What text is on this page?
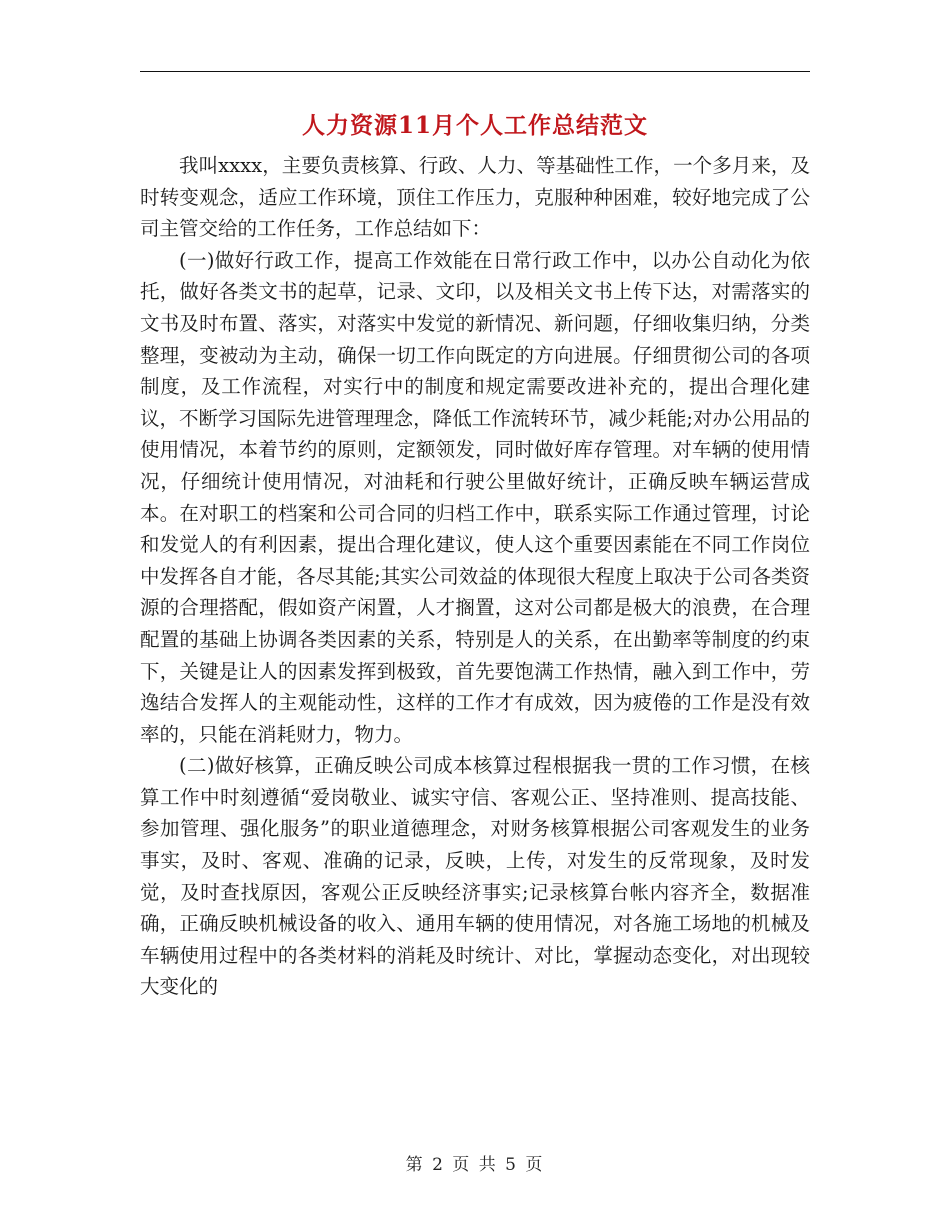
人力资源11月个人工作总结范文

我叫xxxx，主要负责核算、行政、人力、等基础性工作，一个多月来，及时转变观念，适应工作环境，顶住工作压力，克服种种困难，较好地完成了公司主管交给的工作任务，工作总结如下：

(一)做好行政工作，提高工作效能在日常行政工作中，以办公自动化为依托，做好各类文书的起草，记录、文印，以及相关文书上传下达，对需落实的文书及时布置、落实，对落实中发觉的新情况、新问题，仔细收集归纳，分类整理，变被动为主动，确保一切工作向既定的方向进展。仔细贯彻公司的各项制度，及工作流程，对实行中的制度和规定需要改进补充的，提出合理化建议，不断学习国际先进管理理念，降低工作流转环节，减少耗能;对办公用品的使用情况，本着节约的原则，定额领发，同时做好库存管理。对车辆的使用情况，仔细统计使用情况，对油耗和行驶公里做好统计，正确反映车辆运营成本。在对职工的档案和公司合同的归档工作中，联系实际工作通过管理，讨论和发觉人的有利因素，提出合理化建议，使人这个重要因素能在不同工作岗位中发挥各自才能，各尽其能;其实公司效益的体现很大程度上取决于公司各类资源的合理搭配，假如资产闲置，人才搁置，这对公司都是极大的浪费，在合理配置的基础上协调各类因素的关系，特别是人的关系，在出勤率等制度的约束下，关键是让人的因素发挥到极致，首先要饱满工作热情，融入到工作中，劳逸结合发挥人的主观能动性，这样的工作才有成效，因为疲倦的工作是没有效率的，只能在消耗财力，物力。

(二)做好核算，正确反映公司成本核算过程根据我一贯的工作习惯，在核算工作中时刻遵循“爱岗敬业、诚实守信、客观公正、坚持准则、提高技能、参加管理、强化服务”的职业道德理念，对财务核算根据公司客观发生的业务事实，及时、客观、准确的记录，反映，上传，对发生的反常现象，及时发觉，及时查找原因，客观公正反映经济事实;记录核算台帐内容齐全，数据准确，正确反映机械设备的收入、通用车辆的使用情况，对各施工场地的机械及车辆使用过程中的各类材料的消耗及时统计、对比，掌握动态变化，对出现较大变化的

第 2 页 共 5 页
